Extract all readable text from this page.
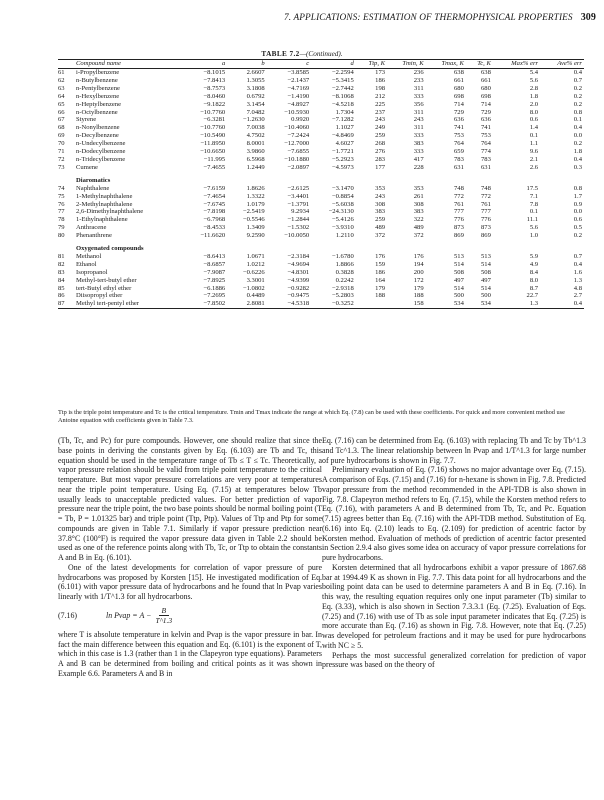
7. APPLICATIONS: ESTIMATION OF THERMOPHYSICAL PROPERTIES 309
TABLE 7.2—(Continued).
	Compound name	a	b	c	d	Ttp, K	Tmin, K	Tmax, K	Tc, K	Max% err	Ave% err
61	i-Propylbenzene	−8.1015	2.6607	−3.8585	−2.2594	173	236	638	638	5.4	0.4
62	n-Butylbenzene	−7.8413	1.3055	−2.1437	−5.3415	186	233	661	661	5.6	0.7
63	n-Pentylbenzene	−8.7573	3.1808	−4.7169	−2.7442	198	311	680	680	2.8	0.2
64	n-Hexylbenzene	−8.0460	0.6792	−1.4190	−8.1068	212	333	698	698	1.8	0.2
65	n-Heptylbenzene	−9.1822	3.1454	−4.8927	−4.5218	225	356	714	714	2.0	0.2
66	n-Octylbenzene	−10.7760	7.0482	−10.5930	1.7304	237	311	729	729	8.0	0.8
67	Styrene	−6.3281	−1.2630	0.9920	−7.1282	243	243	636	636	0.6	0.1
68	n-Nonylbenzene	−10.7760	7.0038	−10.4060	1.1027	249	311	741	741	1.4	0.4
69	n-Decylbenzene	−10.5490	4.7502	−7.2424	−4.8469	259	333	753	753	0.1	0.0
70	n-Undecylbenzene	−11.8950	8.0001	−12.7000	4.6027	268	383	764	764	1.1	0.2
71	n-Dodecylbenzene	−10.6650	3.9860	−7.6855	−1.7721	276	333	659	774	9.6	1.8
72	n-Tridecylbenzene	−11.995	6.5968	−10.1880	−5.2923	283	417	783	783	2.1	0.4
73	Cumene	−7.4655	1.2449	−2.0897	−4.5973	177	228	631	631	2.6	0.3

	Diaromatics										
74	Naphthalene	−7.6159	1.8626	−2.6125	−3.1470	353	353	748	748	17.5	0.8
75	1-Methylnaphthalene	−7.4654	1.3322	−3.4401	−0.8854	243	261	772	772	7.1	1.7
76	2-Methylnaphthalene	−7.6745	1.0179	−1.3791	−5.6038	308	308	761	761	7.8	0.9
77	2,6-Dimethylnaphthalene	−7.8198	−2.5419	9.2934	−24.3130	383	383	777	777	0.1	0.0
78	1-Ethylnaphthalene	−6.7968	−0.5546	−1.2844	−5.4126	259	322	776	776	11.1	0.6
79	Anthracene	−8.4533	1.3409	−1.5302	−3.9310	489	489	873	873	5.6	0.5
80	Phenanthrene	−11.6620	9.2590	−10.0050	1.2110	372	372	869	869	1.0	0.2

	Oxygenated compounds										
81	Methanol	−8.6413	1.0671	−2.3184	−1.6780	176	176	513	513	5.9	0.7
82	Ethanol	−8.6857	1.0212	−4.9694	1.8866	159	194	514	514	4.9	0.4
83	Isopropanol	−7.9087	−0.6226	−4.8301	0.3828	186	200	508	508	8.4	1.6
84	Methyl-tert-butyl ether	−7.8925	3.3001	−4.9399	0.2242	164	172	497	497	8.0	1.3
85	tert-Butyl ethyl ether	−6.1886	−1.0802	−0.9282	−2.9318	179	179	514	514	8.7	4.8
86	Diisopropyl ether	−7.2695	0.4489	−0.9475	−5.2803	188	188	500	500	22.7	2.7
87	Methyl tert-pentyl ether	−7.8502	2.8081	−4.5318	−0.3252		158	534	534	1.3	0.4
Ttp is the triple point temperature and Tc is the critical temperature. Tmin and Tmax indicate the range at which Eq. (7.8) can be used with these coefficients. For quick and more convenient method use Antoine equation with coefficients given in Table 7.3.

(Tb, Tc, and Pc) for pure compounds. However, one should realize that since the base points in deriving the constants given by Eq. (6.103) are Tb and Tc, this equation should be used in the temperature range of Tb ≤ T ≤ Tc. Theoretically, a vapor pressure relation should be valid from triple point temperature to the critical temperature. But most vapor pressure correlations are very poor at temperatures near the triple point temperature. Using Eq. (7.15) at temperatures below Tb usually leads to unacceptable predicted values. For better prediction of vapor pressure near the triple point, the two base points should be normal boiling point (T = Tb, P = 1.01325 bar) and triple point (Ttp, Ptp). Values of Ttp and Ptp for some compounds are given in Table 7.1. Similarly if vapor pressure prediction near 37.8°C (100°F) is required the vapor pressure data given in Table 2.2 should be used as one of the reference points along with Tb, Tc, or Ttp to obtain the constants A and B in Eq. (6.101).

One of the latest developments for correlation of vapor pressure of pure hydrocarbons was proposed by Korsten [15]. He investigated modification of Eq. (6.101) with vapor pressure data of hydrocarbons and he found that ln Pvap varies linearly with 1/T^1.3 for all hydrocarbons.

(7.16)	ln Pvap = $A - \frac{B}{T\^{}1.3}$

where T is absolute temperature in kelvin and Pvap is the vapor pressure in bar. In fact the main difference between this equation and Eq. (6.101) is the exponent of T, which in this case is 1.3 (rather than 1 in the Clapeyron type equations). Parameters A and B can be determined from boiling and critical points as it was shown in Example 6.6. Parameters A and B in

Eq. (7.16) can be determined from Eq. (6.103) with replacing Tb and Tc by Tb^1.3 and Tc^1.3. The linear relationship between ln Pvap and 1/T^1.3 for large number of pure hydrocarbons is shown in Fig. 7.7.

Preliminary evaluation of Eq. (7.16) shows no major advantage over Eq. (7.15). A comparison of Eqs. (7.15) and (7.16) for n-hexane is shown in Fig. 7.8. Predicted vapor pressure from the method recommended in the API-TDB is also shown in Fig. 7.8. Clapeyron method refers to Eq. (7.15), while the Korsten method refers to Eq. (7.16), with parameters A and B determined from Tb, Tc, and Pc. Equation (7.15) agrees better than Eq. (7.16) with the API-TDB method. Substitution of Eq. (6.16) into Eq. (2.10) leads to Eq. (2.109) for prediction of acentric factor by Korsten method. Evaluation of methods of prediction of acentric factor presented in Section 2.9.4 also gives some idea on accuracy of vapor pressure correlations for pure hydrocarbons.

Korsten determined that all hydrocarbons exhibit a vapor pressure of 1867.68 bar at 1994.49 K as shown in Fig. 7.7. This data point for all hydrocarbons and the boiling point data can be used to determine parameters A and B in Eq. (7.16). In this way, the resulting equation requires only one input parameter (Tb) similar to Eq. (3.33), which is also shown in Section 7.3.3.1 (Eq. (7.25). Evaluation of Eqs. (7.25) and (7.16) with use of Tb as sole input parameter indicates that Eq. (7.25) is more accurate than Eq. (7.16) as shown in Fig. 7.8. However, note that Eq. (7.25) was developed for petroleum fractions and it may be used for pure hydrocarbons with NC ≥ 5.

Perhaps the most successful generalized correlation for prediction of vapor pressure was based on the theory of
